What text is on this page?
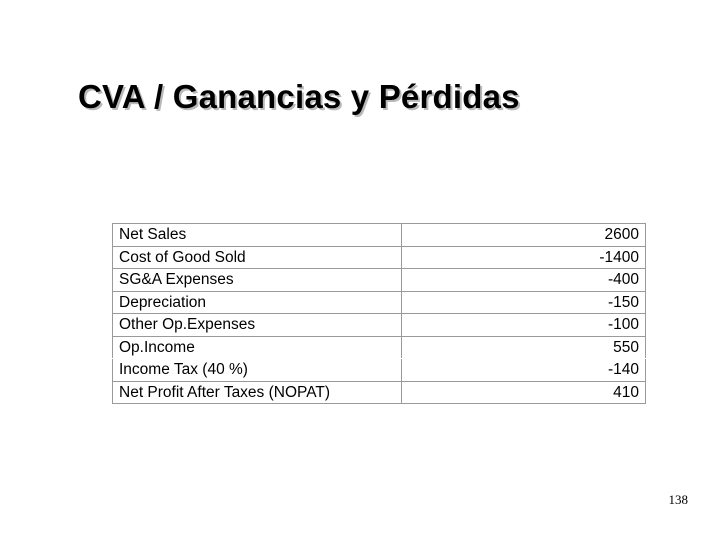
CVA / Ganancias y Pérdidas
Net Sales	2600
Cost of Good Sold	-1400
SG&A Expenses	-400
Depreciation	-150
Other Op.Expenses	-100
Op.Income	550
Income Tax (40 %)	-140
Net Profit After Taxes (NOPAT)	410
138
